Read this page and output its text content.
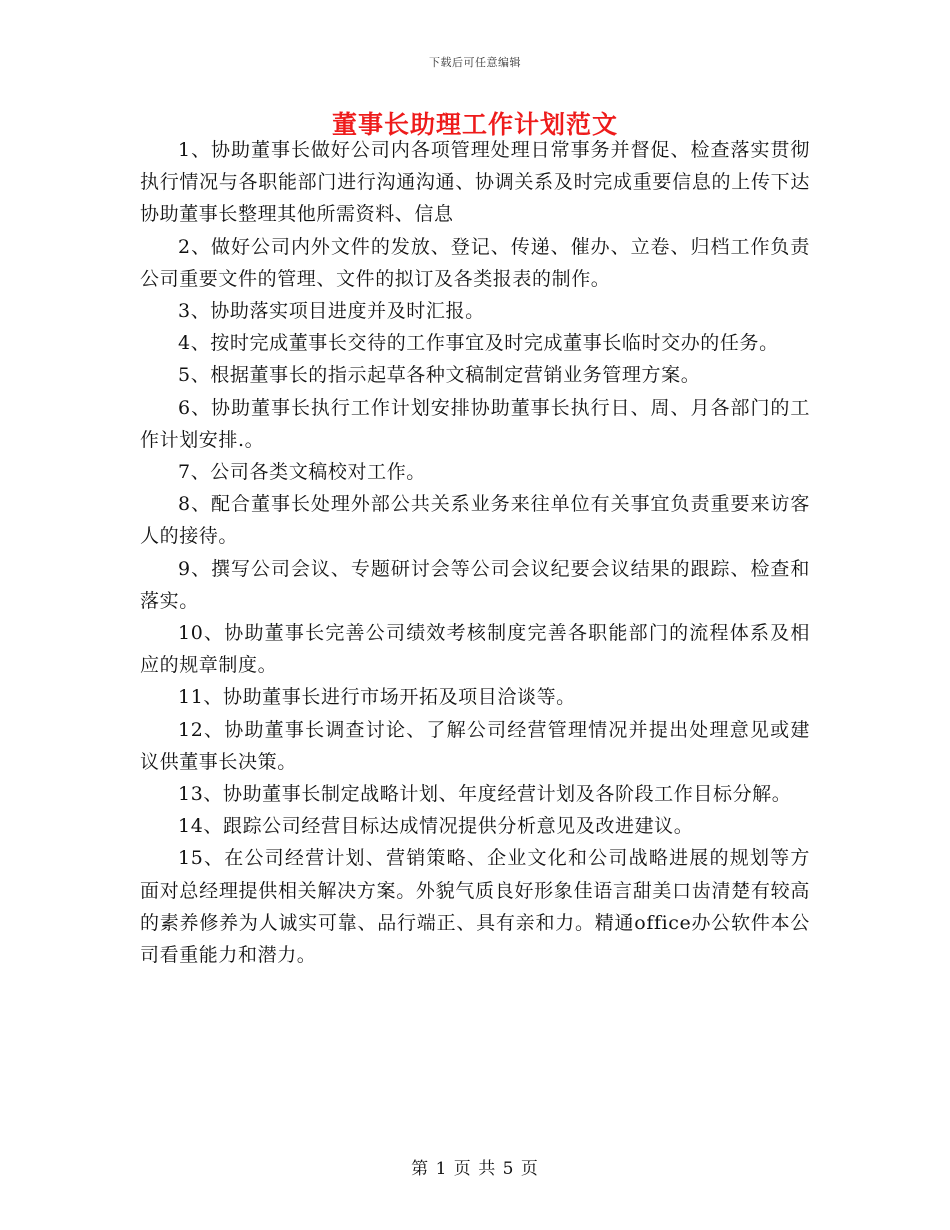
下载后可任意编辑
董事长助理工作计划范文

1、协助董事长做好公司内各项管理处理日常事务并督促、检查落实贯彻执行情况与各职能部门进行沟通沟通、协调关系及时完成重要信息的上传下达协助董事长整理其他所需资料、信息

2、做好公司内外文件的发放、登记、传递、催办、立卷、归档工作负责公司重要文件的管理、文件的拟订及各类报表的制作。

3、协助落实项目进度并及时汇报。

4、按时完成董事长交待的工作事宜及时完成董事长临时交办的任务。

5、根据董事长的指示起草各种文稿制定营销业务管理方案。

6、协助董事长执行工作计划安排协助董事长执行日、周、月各部门的工作计划安排.。

7、公司各类文稿校对工作。

8、配合董事长处理外部公共关系业务来往单位有关事宜负责重要来访客人的接待。

9、撰写公司会议、专题研讨会等公司会议纪要会议结果的跟踪、检查和落实。

10、协助董事长完善公司绩效考核制度完善各职能部门的流程体系及相应的规章制度。

11、协助董事长进行市场开拓及项目洽谈等。

12、协助董事长调查讨论、了解公司经营管理情况并提出处理意见或建议供董事长决策。

13、协助董事长制定战略计划、年度经营计划及各阶段工作目标分解。

14、跟踪公司经营目标达成情况提供分析意见及改进建议。

15、在公司经营计划、营销策略、企业文化和公司战略进展的规划等方面对总经理提供相关解决方案。外貌气质良好形象佳语言甜美口齿清楚有较高的素养修养为人诚实可靠、品行端正、具有亲和力。精通office办公软件本公司看重能力和潜力。

第 1 页 共 5 页
